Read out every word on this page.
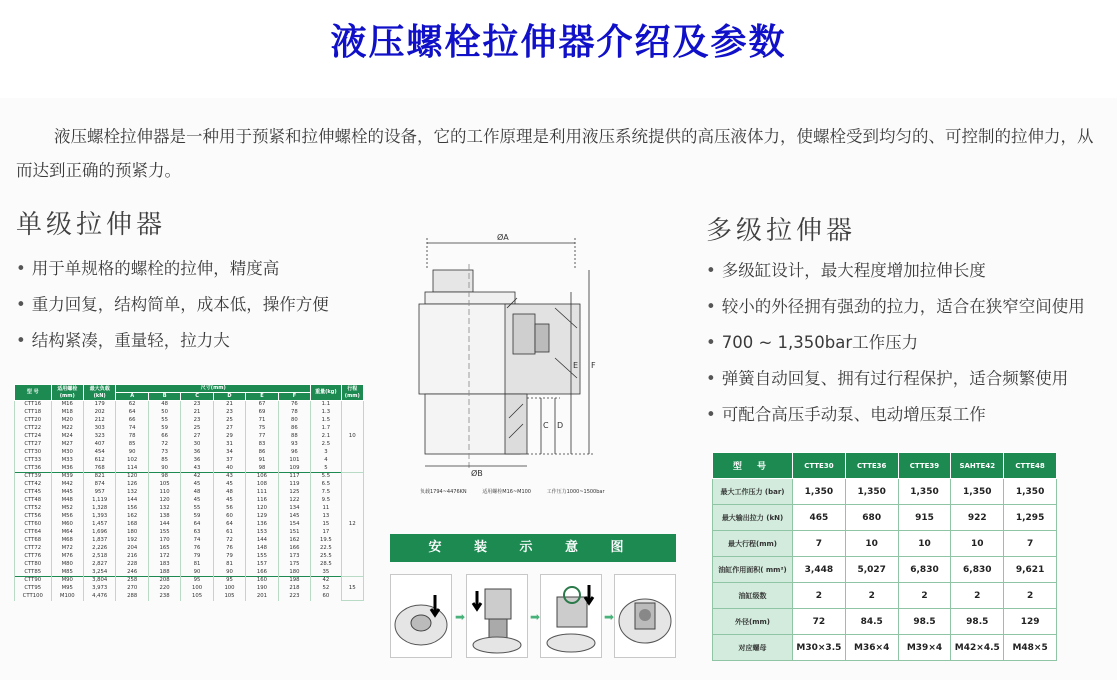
液压螺栓拉伸器介绍及参数

液压螺栓拉伸器是一种用于预紧和拉伸螺栓的设备，它的工作原理是利用液压系统提供的高压液体力，使螺栓受到均匀的、可控制的拉伸力，从而达到正确的预紧力。

单级拉伸器
• 用于单规格的螺栓的拉伸，精度高
• 重力回复，结构简单，成本低，操作方便
• 结构紧凑，重量轻，拉力大
多级拉伸器
• 多级缸设计，最大程度增加拉伸长度
• 较小的外径拥有强劲的拉力，适合在狭窄空间使用
• 700 ~ 1,350bar工作压力
• 弹簧自动回复、拥有过行程保护，适合频繁使用
• 可配合高压手动泵、电动增压泵工作
型 号	适用螺栓 (mm)	最大负载 (kN)	尺寸(mm)						重量(kg)	行程 (mm)
			A	B	C	D	E	F		
CTT16	M16	179	62	48	23	21	67	76	1.1	10
CTT18	M18	202	64	50	21	23	69	78	1.3	
CTT20	M20	212	66	55	23	25	71	80	1.5	
CTT22	M22	303	74	59	25	27	75	86	1.7	
CTT24	M24	323	78	66	27	29	77	88	2.1	
CTT27	M27	407	85	72	30	31	83	93	2.5	
CTT30	M30	454	90	73	36	34	86	96	3	
CTT33	M33	612	102	85	36	37	91	101	4	
CTT36	M36	768	114	90	43	40	98	109	5	
CTT39	M39	821	120	98	42	43	106	117	5.5	12
CTT42	M42	874	126	105	45	45	108	119	6.5	
CTT45	M45	957	132	110	48	48	111	125	7.5	
CTT48	M48	1,119	144	120	45	45	116	122	9.5	
CTT52	M52	1,328	156	132	55	56	120	134	11	
CTT56	M56	1,393	162	138	59	60	129	145	13	
CTT60	M60	1,457	168	144	64	64	136	154	15	
CTT64	M64	1,696	180	155	63	61	153	151	17	
CTT68	M68	1,837	192	170	74	72	144	162	19.5	
CTT72	M72	2,226	204	165	76	76	148	166	22.5	
CTT76	M76	2,518	216	172	79	79	155	173	25.5	
CTT80	M80	2,827	228	183	81	81	157	175	28.5	
CTT85	M85	3,254	246	188	90	90	166	180	35	
CTT90	M90	3,804	258	208	95	95	160	198	42	15
CTT95	M95	3,973	270	220	100	100	190	218	52	
CTT100	M100	4,476	288	238	105	105	201	223	60	
ØA
ØB
C D
E F
负载1794~4476KN	适用螺栓M16~M100	工作压力1000~1500bar
安 装 示 意 图
➡	➡	➡
型 号	CTTE30	CTTE36	CTTE39	SAHTE42	CTTE48
最大工作压力 (bar)	1,350	1,350	1,350	1,350	1,350
最大输出拉力 (kN)	465	680	915	922	1,295
最大行程(mm)	7	10	10	10	7
油缸作用面积( mm²)	3,448	5,027	6,830	6,830	9,621
油缸级数	2	2	2	2	2
外径(mm)	72	84.5	98.5	98.5	129
对应螺母	M30×3.5	M36×4	M39×4	M42×4.5	M48×5
